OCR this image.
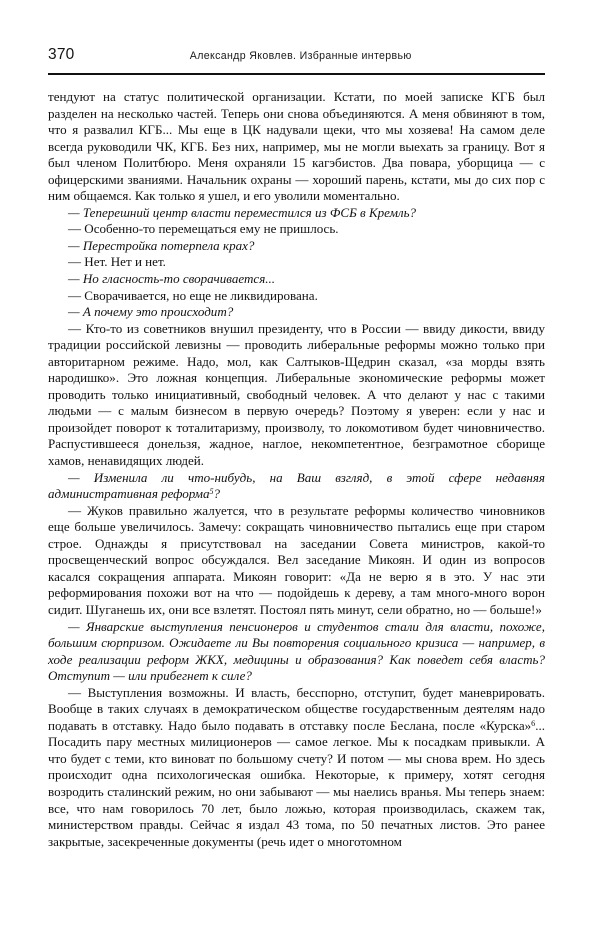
370	Александр Яковлев. Избранные интервью

тендуют на статус политической организации. Кстати, по моей записке КГБ был разделен на несколько частей. Теперь они снова объединяются. А меня обвиняют в том, что я развалил КГБ... Мы еще в ЦК надували щеки, что мы хозяева! На самом деле всегда руководили ЧК, КГБ. Без них, например, мы не могли выехать за границу. Вот я был членом Политбюро. Меня охраняли 15 кагэбистов. Два повара, уборщица — с офицерскими званиями. Начальник охраны — хороший парень, кстати, мы до сих пор с ним общаемся. Как только я ушел, и его уволили моментально.

— Теперешний центр власти переместился из ФСБ в Кремль?

— Особенно-то перемещаться ему не пришлось.

— Перестройка потерпела крах?

— Нет. Нет и нет.

— Но гласность-то сворачивается...

— Сворачивается, но еще не ликвидирована.

— А почему это происходит?

— Кто-то из советников внушил президенту, что в России — ввиду дикости, ввиду традиции российской левизны — проводить либеральные реформы можно только при авторитарном режиме. Надо, мол, как Салтыков-Щедрин сказал, «за морды взять народишко». Это ложная концепция. Либеральные экономические реформы может проводить только инициативный, свободный человек. А что делают у нас с такими людьми — с малым бизнесом в первую очередь? Поэтому я уверен: если у нас и произойдет поворот к тоталитаризму, произволу, то локомотивом будет чиновничество. Распустившееся донельзя, жадное, наглое, некомпетентное, безграмотное сборище хамов, ненавидящих людей.

— Изменила ли что-нибудь, на Ваш взгляд, в этой сфере недавняя административная реформа$^5$?

— Жуков правильно жалуется, что в результате реформы количество чиновников еще больше увеличилось. Замечу: сокращать чиновничество пытались еще при старом строе. Однажды я присутствовал на заседании Совета министров, какой-то просвещенческий вопрос обсуждался. Вел заседание Микоян. И один из вопросов касался сокращения аппарата. Микоян говорит: «Да не верю я в это. У нас эти реформирования похожи вот на что — подойдешь к дереву, а там много-много ворон сидит. Шуганешь их, они все взлетят. Постоял пять минут, сели обратно, но — больше!»

— Январские выступления пенсионеров и студентов стали для власти, похоже, большим сюрпризом. Ожидаете ли Вы повторения социального кризиса — например, в ходе реализации реформ ЖКХ, медицины и образования? Как поведет себя власть? Отступит — или прибегнет к силе?

— Выступления возможны. И власть, бесспорно, отступит, будет маневрировать. Вообще в таких случаях в демократическом обществе государственным деятелям надо подавать в отставку. Надо было подавать в отставку после Беслана, после «Курска»$^6$... Посадить пару местных милиционеров — самое легкое. Мы к посадкам привыкли. А что будет с теми, кто виноват по большому счету? И потом — мы снова врем. Но здесь происходит одна психологическая ошибка. Некоторые, к примеру, хотят сегодня возродить сталинский режим, но они забывают — мы наелись вранья. Мы теперь знаем: все, что нам говорилось 70 лет, было ложью, которая производилась, скажем так, министерством правды. Сейчас я издал 43 тома, по 50 печатных листов. Это ранее закрытые, засекреченные документы (речь идет о многотомном
